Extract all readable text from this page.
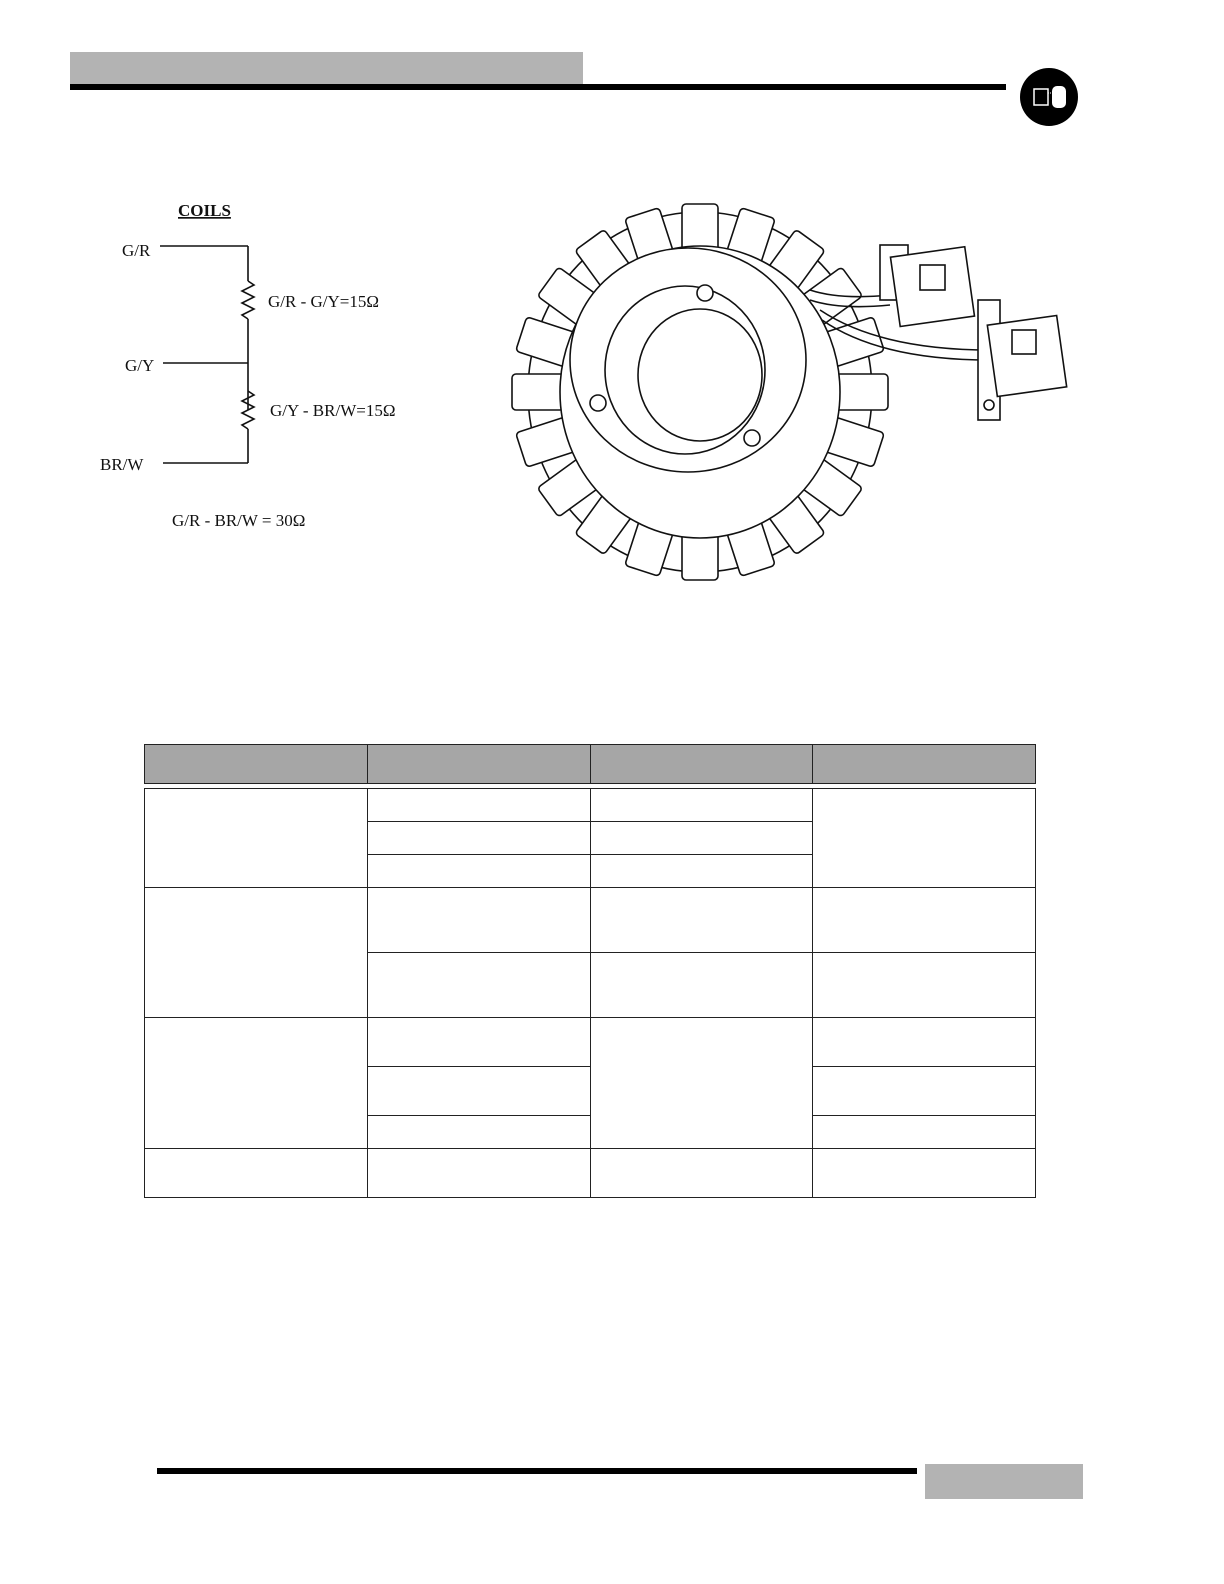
COILS
G/R
G/Y
BR/W
G/R - G/Y=15Ω
G/Y - BR/W=15Ω
G/R - BR/W = 30Ω
